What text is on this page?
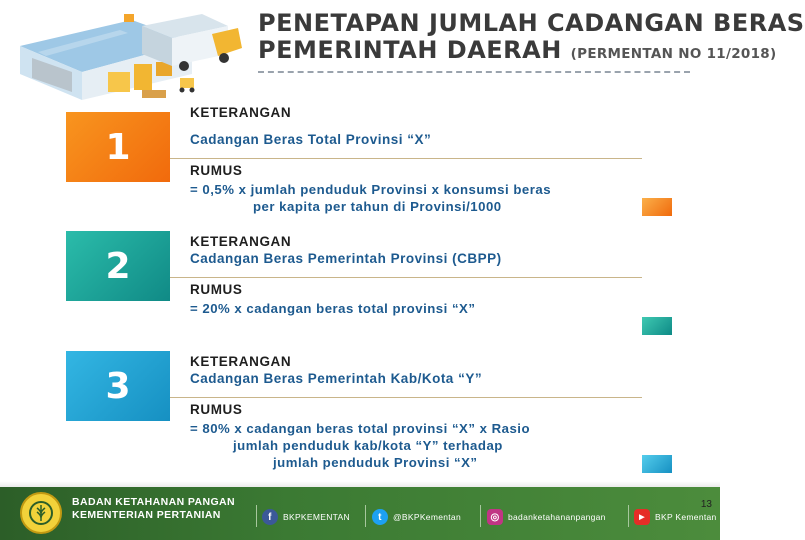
PENETAPAN JUMLAH CADANGAN BERAS
PEMERINTAH DAERAH (PERMENTAN NO 11/2018)
1
KETERANGAN
Cadangan Beras Total Provinsi “X”
RUMUS
= 0,5% x jumlah penduduk Provinsi x konsumsi beras
per kapita per tahun di Provinsi/1000
2
KETERANGAN
Cadangan Beras Pemerintah Provinsi (CBPP)
RUMUS
= 20% x cadangan beras total provinsi “X”
3
KETERANGAN
Cadangan Beras Pemerintah Kab/Kota “Y”
RUMUS
= 80% x cadangan beras total provinsi “X” x Rasio
jumlah penduduk kab/kota “Y” terhadap
jumlah penduduk Provinsi “X”
BADAN KETAHANAN PANGAN
KEMENTERIAN PERTANIAN	f	BKPKEMENTAN	t	@BKPKementan	◎ badanketahananpangan	▶	BKP Kementan
13
